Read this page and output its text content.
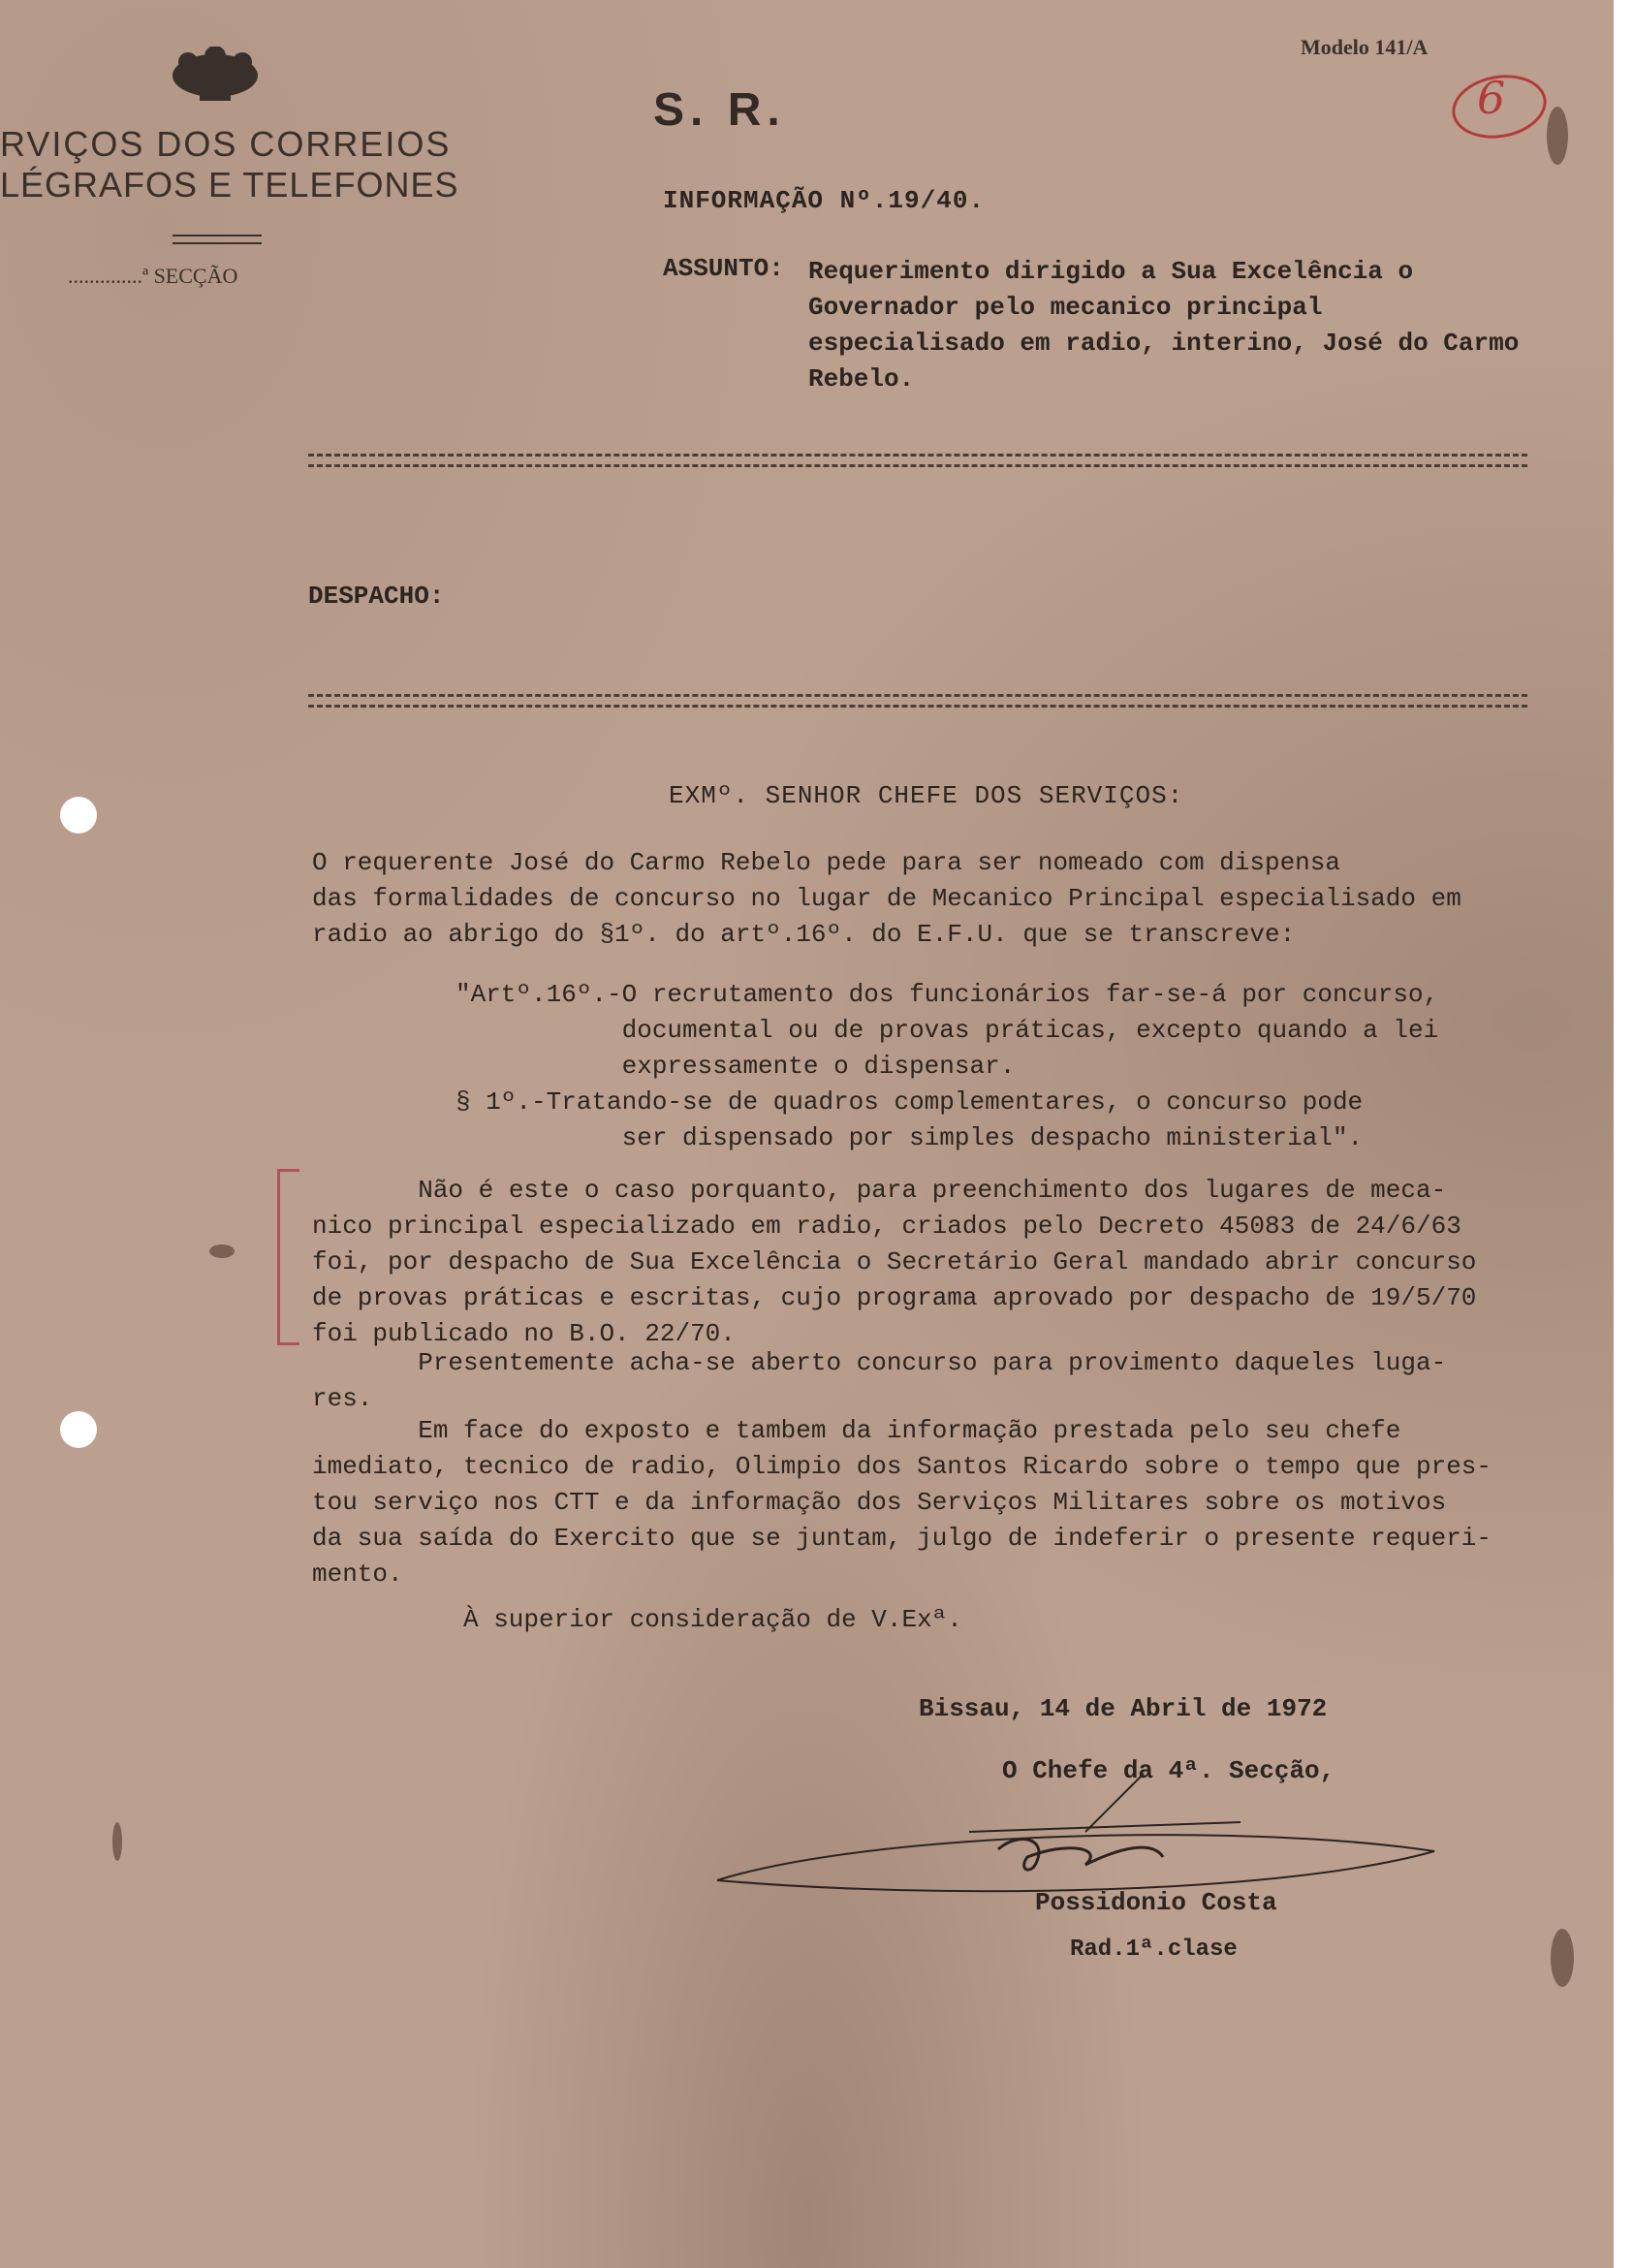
Modelo 141/A
6
RVIÇOS DOS CORREIOS
LÉGRAFOS E TELEFONES
..............ª SECÇÃO
S. R.
INFORMAÇÃO Nº.19/40.
ASSUNTO: Requerimento dirigido a Sua Excelência o Governador pelo mecanico principal especialisado em radio, interino, José do Carmo Rebelo.
DESPACHO:
EXMº. SENHOR CHEFE DOS SERVIÇOS:
O requerente José do Carmo Rebelo pede para ser nomeado com dispensa
das formalidades de concurso no lugar de Mecanico Principal especialisado em
radio ao abrigo do §1º. do artº.16º. do E.F.U. que se transcreve:
"Artº.16º.-O recrutamento dos funcionários far-se-á por concurso,
documental ou de provas práticas, excepto quando a lei
expressamente o dispensar.
§ 1º.-Tratando-se de quadros complementares, o concurso pode
ser dispensado por simples despacho ministerial".
Não é este o caso porquanto, para preenchimento dos lugares de meca-
nico principal especializado em radio, criados pelo Decreto 45083 de 24/6/63
foi, por despacho de Sua Excelência o Secretário Geral mandado abrir concurso
de provas práticas e escritas, cujo programa aprovado por despacho de 19/5/70
foi publicado no B.O. 22/70.
Presentemente acha-se aberto concurso para provimento daqueles luga-
res.
Em face do exposto e tambem da informação prestada pelo seu chefe
imediato, tecnico de radio, Olimpio dos Santos Ricardo sobre o tempo que pres-
tou serviço nos CTT e da informação dos Serviços Militares sobre os motivos
da sua saída do Exercito que se juntam, julgo de indeferir o presente requeri-
mento.
À superior consideração de V.Exª.
Bissau, 14 de Abril de 1972
O Chefe da 4ª. Secção,
Possidonio Costa
Rad.1ª.clase
